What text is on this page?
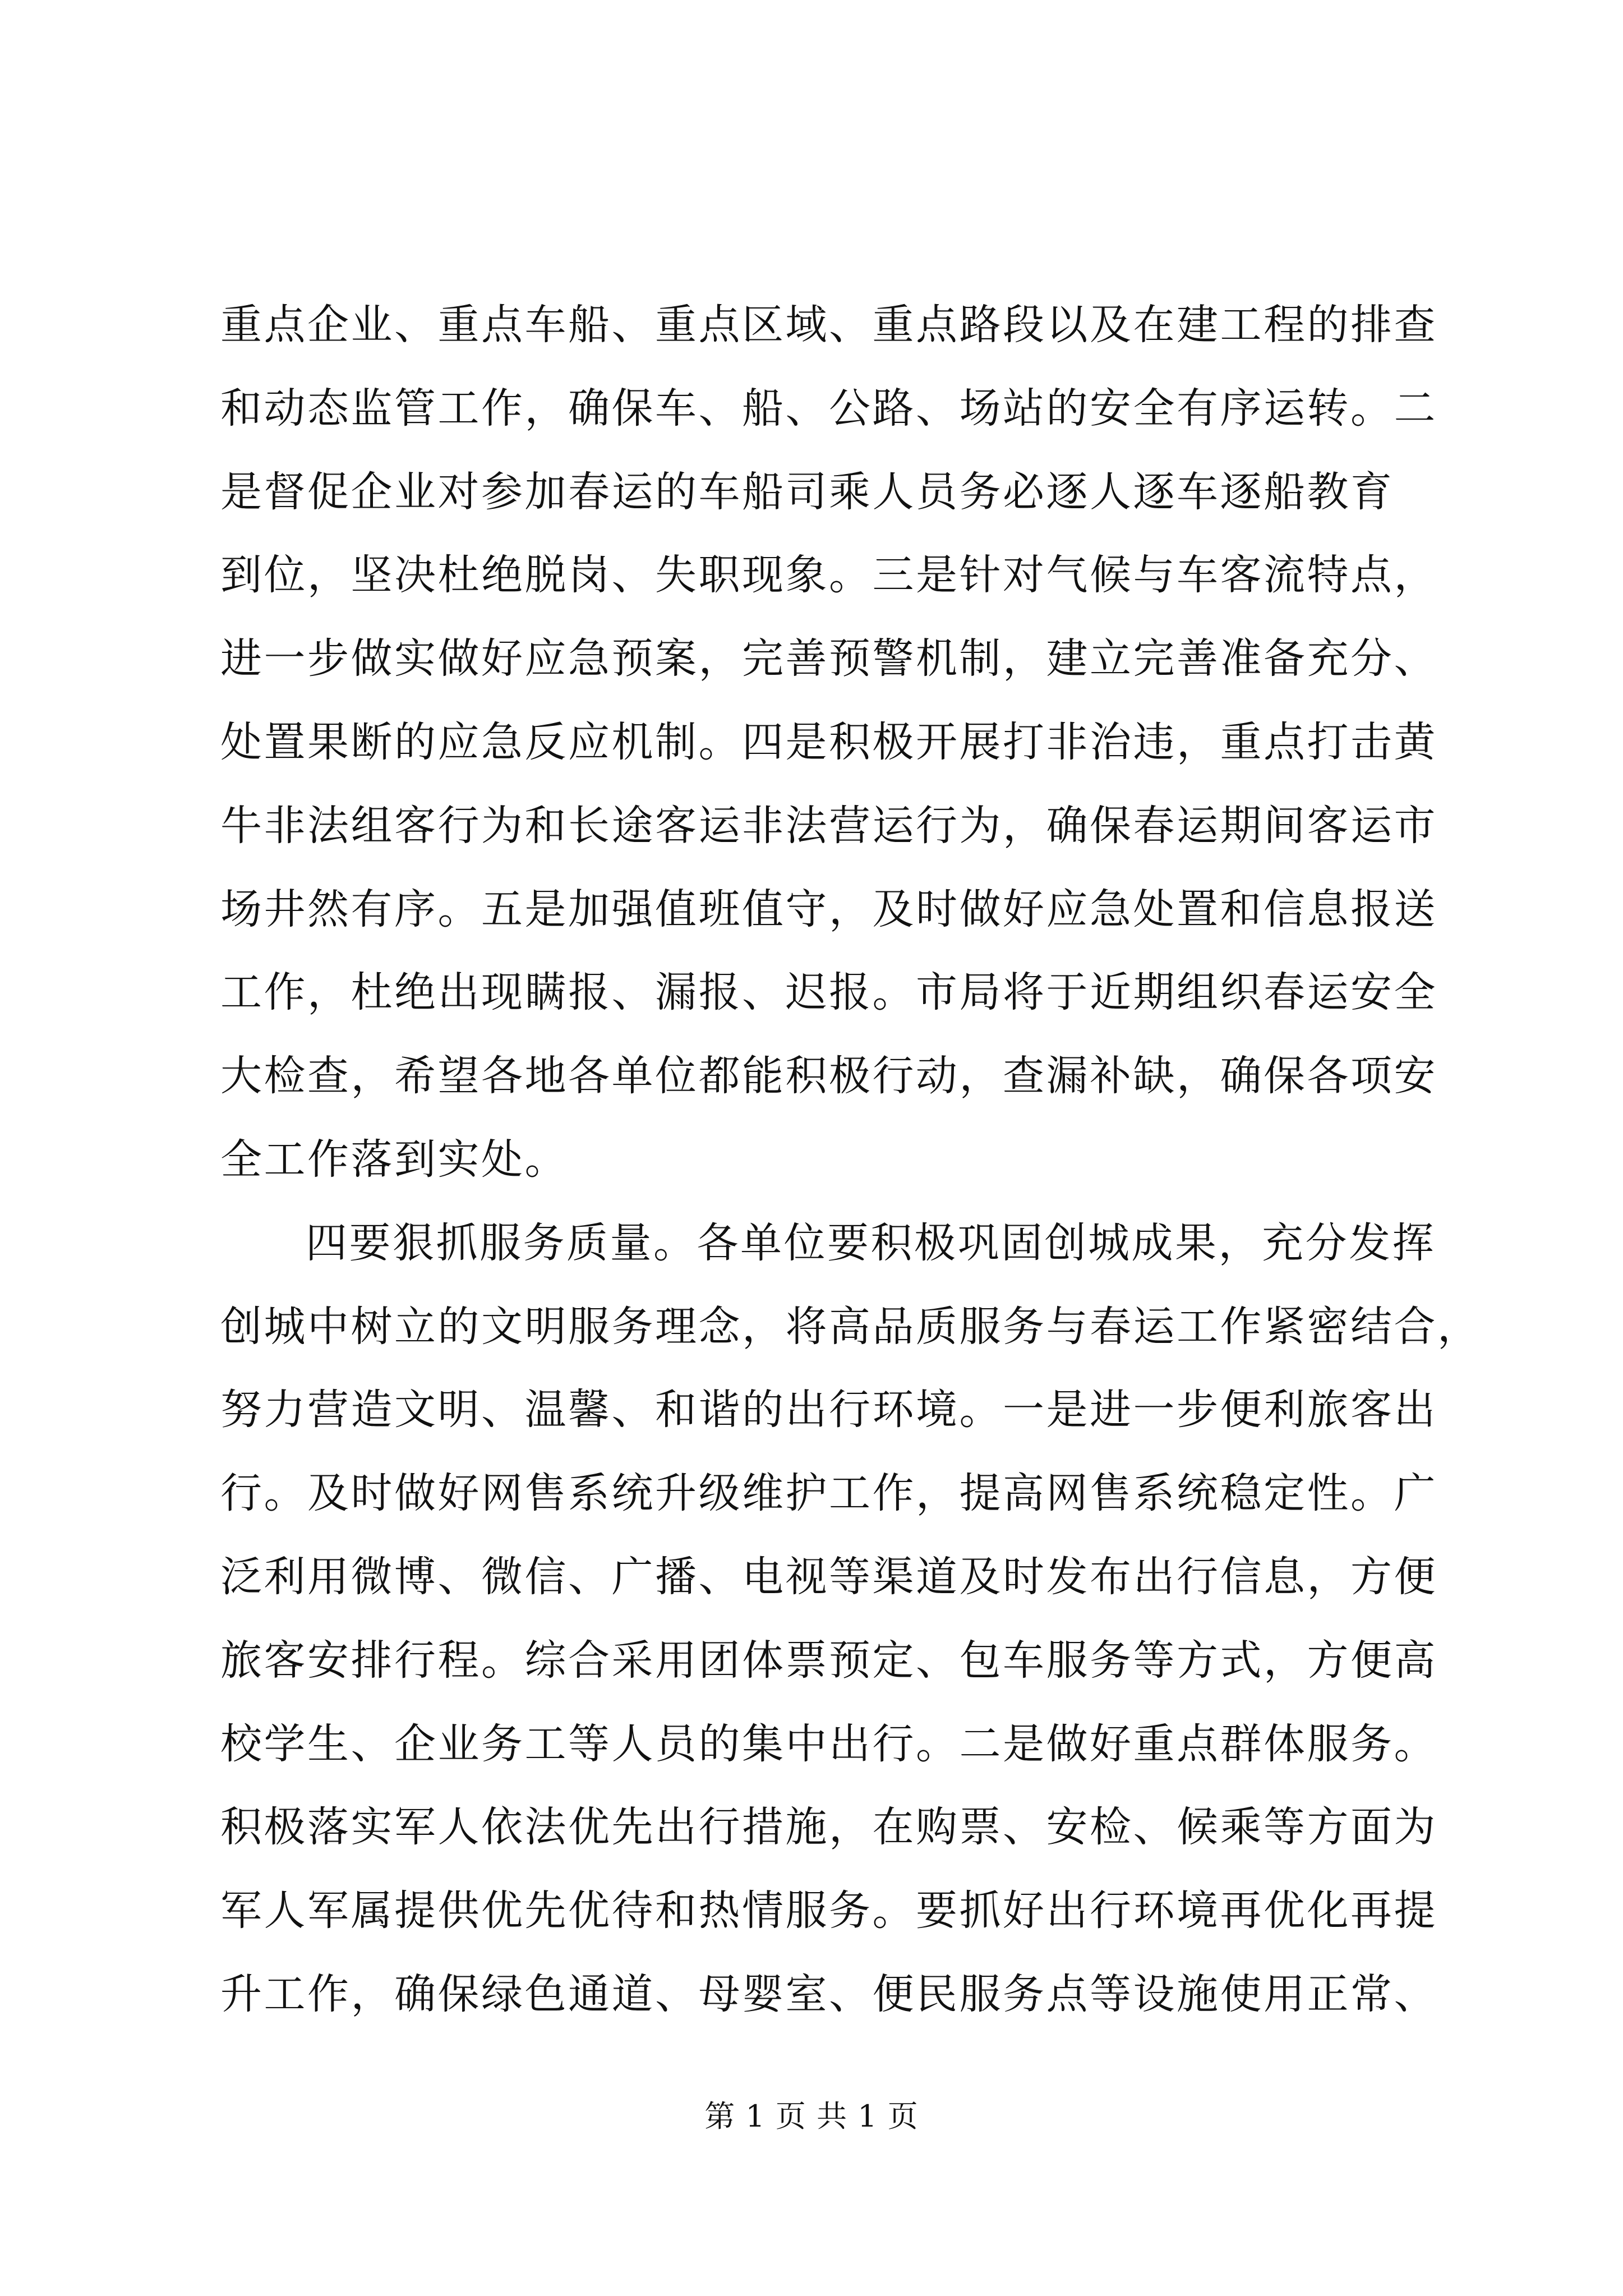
重点企业、重点车船、重点区域、重点路段以及在建工程的排查
和动态监管工作，确保车、船、公路、场站的安全有序运转。二
是督促企业对参加春运的车船司乘人员务必逐人逐车逐船教育
到位，坚决杜绝脱岗、失职现象。三是针对气候与车客流特点，
进一步做实做好应急预案，完善预警机制，建立完善准备充分、
处置果断的应急反应机制。四是积极开展打非治违，重点打击黄
牛非法组客行为和长途客运非法营运行为，确保春运期间客运市
场井然有序。五是加强值班值守，及时做好应急处置和信息报送
工作，杜绝出现瞒报、漏报、迟报。市局将于近期组织春运安全
大检查，希望各地各单位都能积极行动，查漏补缺，确保各项安
全工作落到实处。
四要狠抓服务质量。各单位要积极巩固创城成果，充分发挥
创城中树立的文明服务理念，将高品质服务与春运工作紧密结合，
努力营造文明、温馨、和谐的出行环境。一是进一步便利旅客出
行。及时做好网售系统升级维护工作，提高网售系统稳定性。广
泛利用微博、微信、广播、电视等渠道及时发布出行信息，方便
旅客安排行程。综合采用团体票预定、包车服务等方式，方便高
校学生、企业务工等人员的集中出行。二是做好重点群体服务。
积极落实军人依法优先出行措施，在购票、安检、候乘等方面为
军人军属提供优先优待和热情服务。要抓好出行环境再优化再提
升工作，确保绿色通道、母婴室、便民服务点等设施使用正常、
第 1 页 共 1 页
